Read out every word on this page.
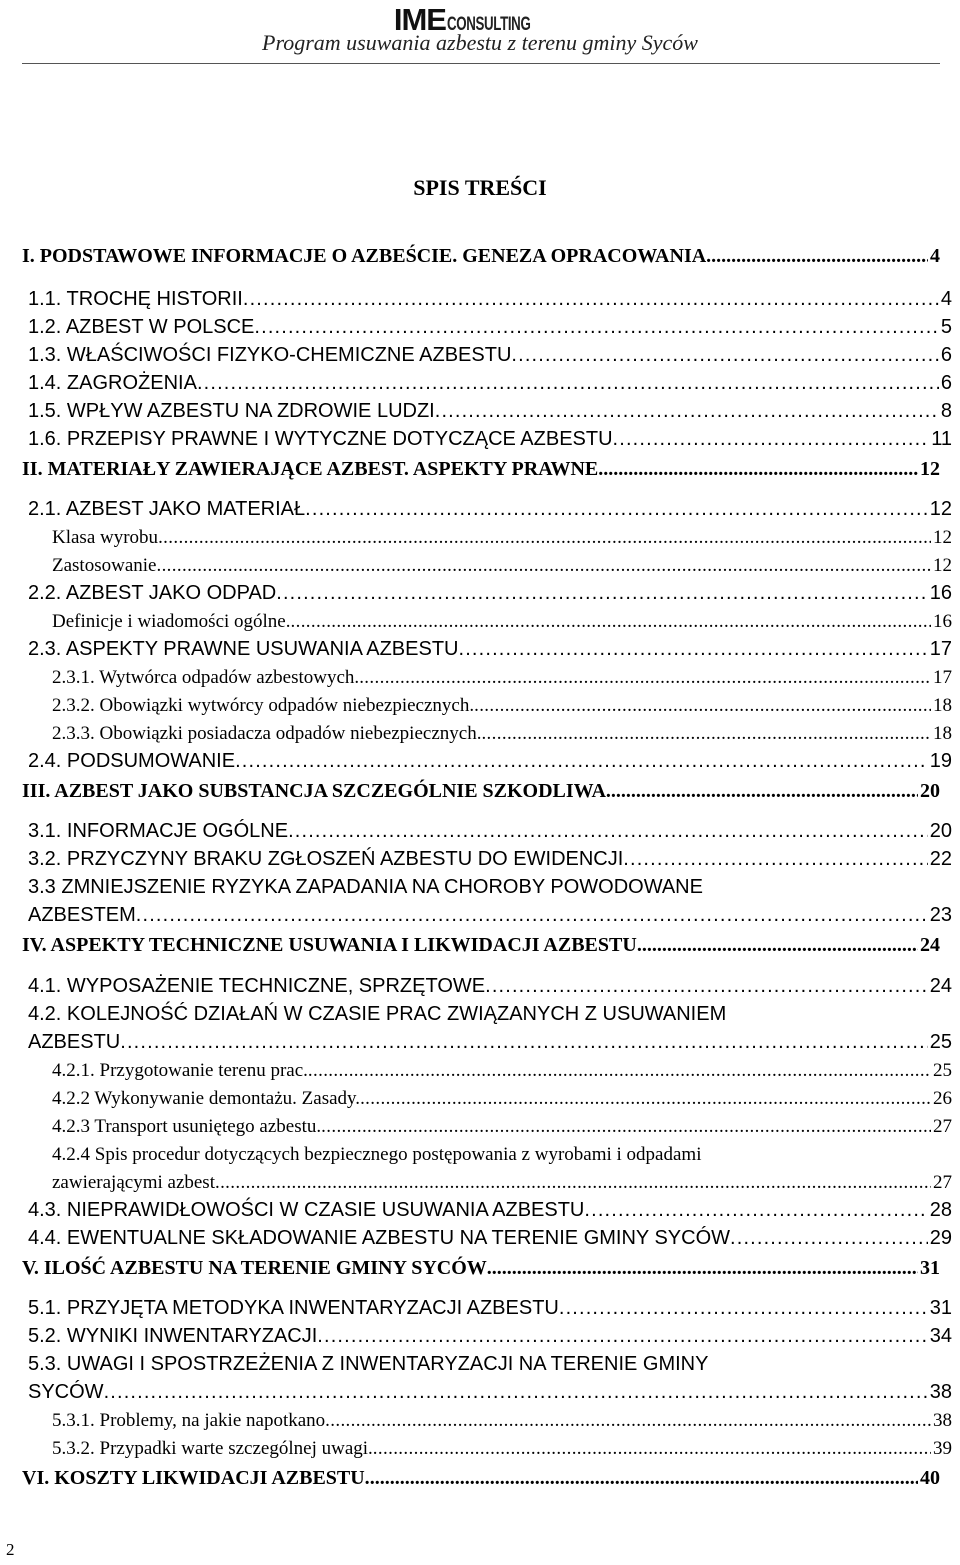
IMECONSULTING
Program usuwania azbestu z terenu gminy Syców
SPIS TREŚCI
I. PODSTAWOWE INFORMACJE O AZBEŚCIE. GENEZA OPRACOWANIA. . . .	4
1.1. TROCHĘ HISTORII . . .	4
1.2. AZBEST W POLSCE . . .	5
1.3. WŁAŚCIWOŚCI FIZYKO-CHEMICZNE AZBESTU . . .	6
1.4. ZAGROŻENIA . . .	6
1.5. WPŁYW AZBESTU NA ZDROWIE LUDZI . . .	8
1.6. PRZEPISY PRAWNE I WYTYCZNE DOTYCZĄCE AZBESTU . . .	11
II. MATERIAŁY ZAWIERAJĄCE AZBEST. ASPEKTY PRAWNE. . . .	12
2.1. AZBEST JAKO MATERIAŁ . . .	12
Klasa wyrobu . . .	12
Zastosowanie . . .	12
2.2. AZBEST JAKO ODPAD . . .	16
Definicje i wiadomości ogólne. . . .	16
2.3. ASPEKTY PRAWNE USUWANIA AZBESTU . . .	17
2.3.1. Wytwórca odpadów azbestowych. . . .	17
2.3.2. Obowiązki wytwórcy odpadów niebezpiecznych. . . .	18
2.3.3. Obowiązki posiadacza odpadów niebezpiecznych. . . .	18
2.4. PODSUMOWANIE . . .	19
III. AZBEST JAKO SUBSTANCJA SZCZEGÓLNIE SZKODLIWA . . .	20
3.1. INFORMACJE OGÓLNE . . .	20
3.2. PRZYCZYNY BRAKU ZGŁOSZEŃ AZBESTU DO EWIDENCJI . . .	22
3.3 ZMNIEJSZENIE RYZYKA ZAPADANIA NA CHOROBY POWODOWANE
AZBESTEM . . .	23
IV. ASPEKTY TECHNICZNE USUWANIA I LIKWIDACJI AZBESTU . . .	24
4.1. WYPOSAŻENIE TECHNICZNE, SPRZĘTOWE . . .	24
4.2. KOLEJNOŚĆ DZIAŁAŃ W CZASIE PRAC ZWIĄZANYCH Z USUWANIEM
AZBESTU . . .	25
4.2.1. Przygotowanie terenu prac. . . .	25
4.2.2 Wykonywanie demontażu. Zasady. . . .	26
4.2.3 Transport usuniętego azbestu. . . .	27
4.2.4 Spis procedur dotyczących bezpiecznego postępowania z wyrobami i odpadami
zawierającymi azbest . . .	27
4.3. NIEPRAWIDŁOWOŚCI W CZASIE USUWANIA AZBESTU . . .	28
4.4. EWENTUALNE SKŁADOWANIE AZBESTU NA TERENIE GMINY SYCÓW . . .	29
V. ILOŚĆ AZBESTU NA TERENIE GMINY SYCÓW . . .	31
5.1. PRZYJĘTA METODYKA INWENTARYZACJI AZBESTU . . .	31
5.2. WYNIKI INWENTARYZACJI . . .	34
5.3. UWAGI I SPOSTRZEŻENIA Z INWENTARYZACJI NA TERENIE GMINY
SYCÓW . . .	38
5.3.1. Problemy, na jakie napotkano . . .	38
5.3.2. Przypadki warte szczególnej uwagi. . . .	39
VI. KOSZTY LIKWIDACJI AZBESTU. . . .	40
2
